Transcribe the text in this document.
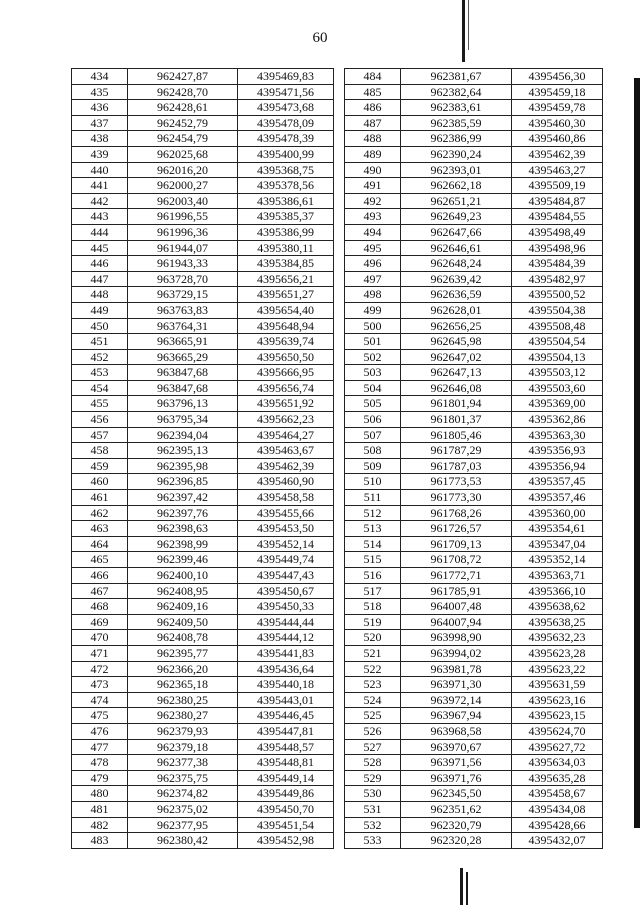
60
434	962427,87	4395469,83
435	962428,70	4395471,56
436	962428,61	4395473,68
437	962452,79	4395478,09
438	962454,79	4395478,39
439	962025,68	4395400,99
440	962016,20	4395368,75
441	962000,27	4395378,56
442	962003,40	4395386,61
443	961996,55	4395385,37
444	961996,36	4395386,99
445	961944,07	4395380,11
446	961943,33	4395384,85
447	963728,70	4395656,21
448	963729,15	4395651,27
449	963763,83	4395654,40
450	963764,31	4395648,94
451	963665,91	4395639,74
452	963665,29	4395650,50
453	963847,68	4395666,95
454	963847,68	4395656,74
455	963796,13	4395651,92
456	963795,34	4395662,23
457	962394,04	4395464,27
458	962395,13	4395463,67
459	962395,98	4395462,39
460	962396,85	4395460,90
461	962397,42	4395458,58
462	962397,76	4395455,66
463	962398,63	4395453,50
464	962398,99	4395452,14
465	962399,46	4395449,74
466	962400,10	4395447,43
467	962408,95	4395450,67
468	962409,16	4395450,33
469	962409,50	4395444,44
470	962408,78	4395444,12
471	962395,77	4395441,83
472	962366,20	4395436,64
473	962365,18	4395440,18
474	962380,25	4395443,01
475	962380,27	4395446,45
476	962379,93	4395447,81
477	962379,18	4395448,57
478	962377,38	4395448,81
479	962375,75	4395449,14
480	962374,82	4395449,86
481	962375,02	4395450,70
482	962377,95	4395451,54
483	962380,42	4395452,98
484	962381,67	4395456,30
485	962382,64	4395459,18
486	962383,61	4395459,78
487	962385,59	4395460,30
488	962386,99	4395460,86
489	962390,24	4395462,39
490	962393,01	4395463,27
491	962662,18	4395509,19
492	962651,21	4395484,87
493	962649,23	4395484,55
494	962647,66	4395498,49
495	962646,61	4395498,96
496	962648,24	4395484,39
497	962639,42	4395482,97
498	962636,59	4395500,52
499	962628,01	4395504,38
500	962656,25	4395508,48
501	962645,98	4395504,54
502	962647,02	4395504,13
503	962647,13	4395503,12
504	962646,08	4395503,60
505	961801,94	4395369,00
506	961801,37	4395362,86
507	961805,46	4395363,30
508	961787,29	4395356,93
509	961787,03	4395356,94
510	961773,53	4395357,45
511	961773,30	4395357,46
512	961768,26	4395360,00
513	961726,57	4395354,61
514	961709,13	4395347,04
515	961708,72	4395352,14
516	961772,71	4395363,71
517	961785,91	4395366,10
518	964007,48	4395638,62
519	964007,94	4395638,25
520	963998,90	4395632,23
521	963994,02	4395623,28
522	963981,78	4395623,22
523	963971,30	4395631,59
524	963972,14	4395623,16
525	963967,94	4395623,15
526	963968,58	4395624,70
527	963970,67	4395627,72
528	963971,56	4395634,03
529	963971,76	4395635,28
530	962345,50	4395458,67
531	962351,62	4395434,08
532	962320,79	4395428,66
533	962320,28	4395432,07
